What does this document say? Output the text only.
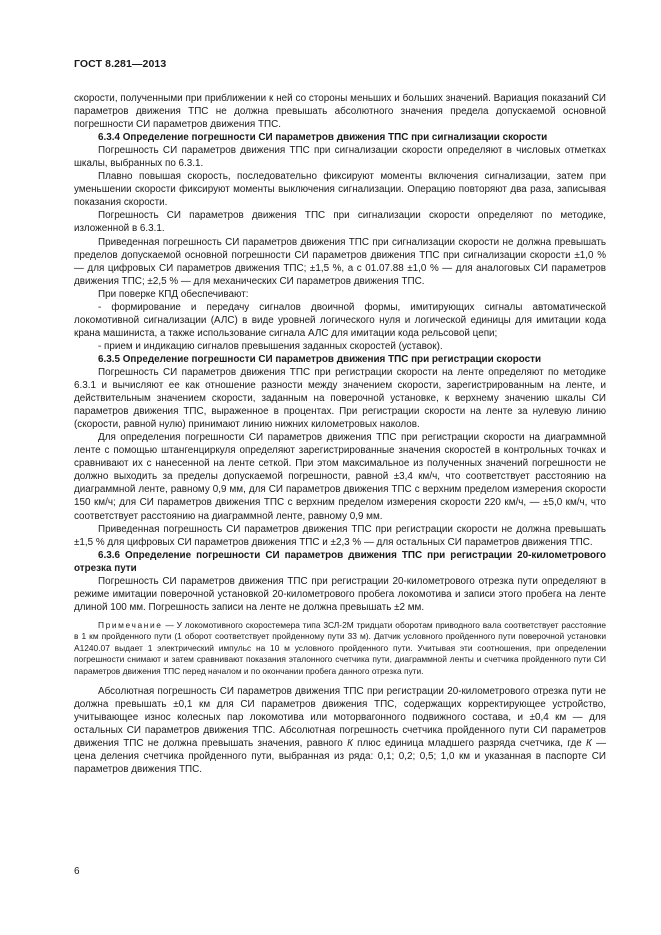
ГОСТ 8.281—2013

скорости, полученными при приближении к ней со стороны меньших и больших значений. Вариация показаний СИ параметров движения ТПС не должна превышать абсолютного значения предела допускаемой основной погрешности СИ параметров движения ТПС.

6.3.4 Определение погрешности СИ параметров движения ТПС при сигнализации скорости

Погрешность СИ параметров движения ТПС при сигнализации скорости определяют в числовых отметках шкалы, выбранных по 6.3.1.

Плавно повышая скорость, последовательно фиксируют моменты включения сигнализации, затем при уменьшении скорости фиксируют моменты выключения сигнализации. Операцию повторяют два раза, записывая показания скорости.

Погрешность СИ параметров движения ТПС при сигнализации скорости определяют по методике, изложенной в 6.3.1.

Приведенная погрешность СИ параметров движения ТПС при сигнализации скорости не должна превышать пределов допускаемой основной погрешности СИ параметров движения ТПС при сигнализации скорости ±1,0 % — для цифровых СИ параметров движения ТПС; ±1,5 %, а с 01.07.88 ±1,0 % — для аналоговых СИ параметров движения ТПС; ±2,5 % — для механических СИ параметров движения ТПС.

При поверке КПД обеспечивают:

- формирование и передачу сигналов двоичной формы, имитирующих сигналы автоматической локомотивной сигнализации (АЛС) в виде уровней логического нуля и логической единицы для имитации кода крана машиниста, а также использование сигнала АЛС для имитации кода рельсовой цепи;

- прием и индикацию сигналов превышения заданных скоростей (уставок).

6.3.5 Определение погрешности СИ параметров движения ТПС при регистрации скорости

Погрешность СИ параметров движения ТПС при регистрации скорости на ленте определяют по методике 6.3.1 и вычисляют ее как отношение разности между значением скорости, зарегистрированным на ленте, и действительным значением скорости, заданным на поверочной установке, к верхнему значению шкалы СИ параметров движения ТПС, выраженное в процентах. При регистрации скорости на ленте за нулевую линию (скорости, равной нулю) принимают линию нижних километровых наколов.

Для определения погрешности СИ параметров движения ТПС при регистрации скорости на диаграммной ленте с помощью штангенциркуля определяют зарегистрированные значения скоростей в контрольных точках и сравнивают их с нанесенной на ленте сеткой. При этом максимальное из полученных значений погрешности не должно выходить за пределы допускаемой погрешности, равной ±3,4 км/ч, что соответствует расстоянию на диаграммной ленте, равному 0,9 мм, для СИ параметров движения ТПС с верхним пределом измерения скорости 150 км/ч; для СИ параметров движения ТПС с верхним пределом измерения скорости 220 км/ч, — ±5,0 км/ч, что соответствует расстоянию на диаграммной ленте, равному 0,9 мм.

Приведенная погрешность СИ параметров движения ТПС при регистрации скорости не должна превышать ±1,5 % для цифровых СИ параметров движения ТПС и ±2,3 % — для остальных СИ параметров движения ТПС.

6.3.6 Определение погрешности СИ параметров движения ТПС при регистрации 20-километрового отрезка пути

Погрешность СИ параметров движения ТПС при регистрации 20-километрового отрезка пути определяют в режиме имитации поверочной установкой 20-километрового пробега локомотива и записи этого пробега на ленте длиной 100 мм. Погрешность записи на ленте не должна превышать ±2 мм.

Примечание — У локомотивного скоростемера типа 3СЛ-2М тридцати оборотам приводного вала соответствует расстояние в 1 км пройденного пути (1 оборот соответствует пройденному пути 33 м). Датчик условного пройденного пути поверочной установки А1240.07 выдает 1 электрический импульс на 10 м условного пройденного пути. Учитывая эти соотношения, при определении погрешности снимают и затем сравнивают показания эталонного счетчика пути, диаграммной ленты и счетчика пройденного пути СИ параметров движения ТПС перед началом и по окончании пробега данного отрезка пути.

Абсолютная погрешность СИ параметров движения ТПС при регистрации 20-километрового отрезка пути не должна превышать ±0,1 км для СИ параметров движения ТПС, содержащих корректирующее устройство, учитывающее износ колесных пар локомотива или моторвагонного подвижного состава, и ±0,4 км — для остальных СИ параметров движения ТПС. Абсолютная погрешность счетчика пройденного пути СИ параметров движения ТПС не должна превышать значения, равного К плюс единица младшего разряда счетчика, где К — цена деления счетчика пройденного пути, выбранная из ряда: 0,1; 0,2; 0,5; 1,0 км и указанная в паспорте СИ параметров движения ТПС.

6
